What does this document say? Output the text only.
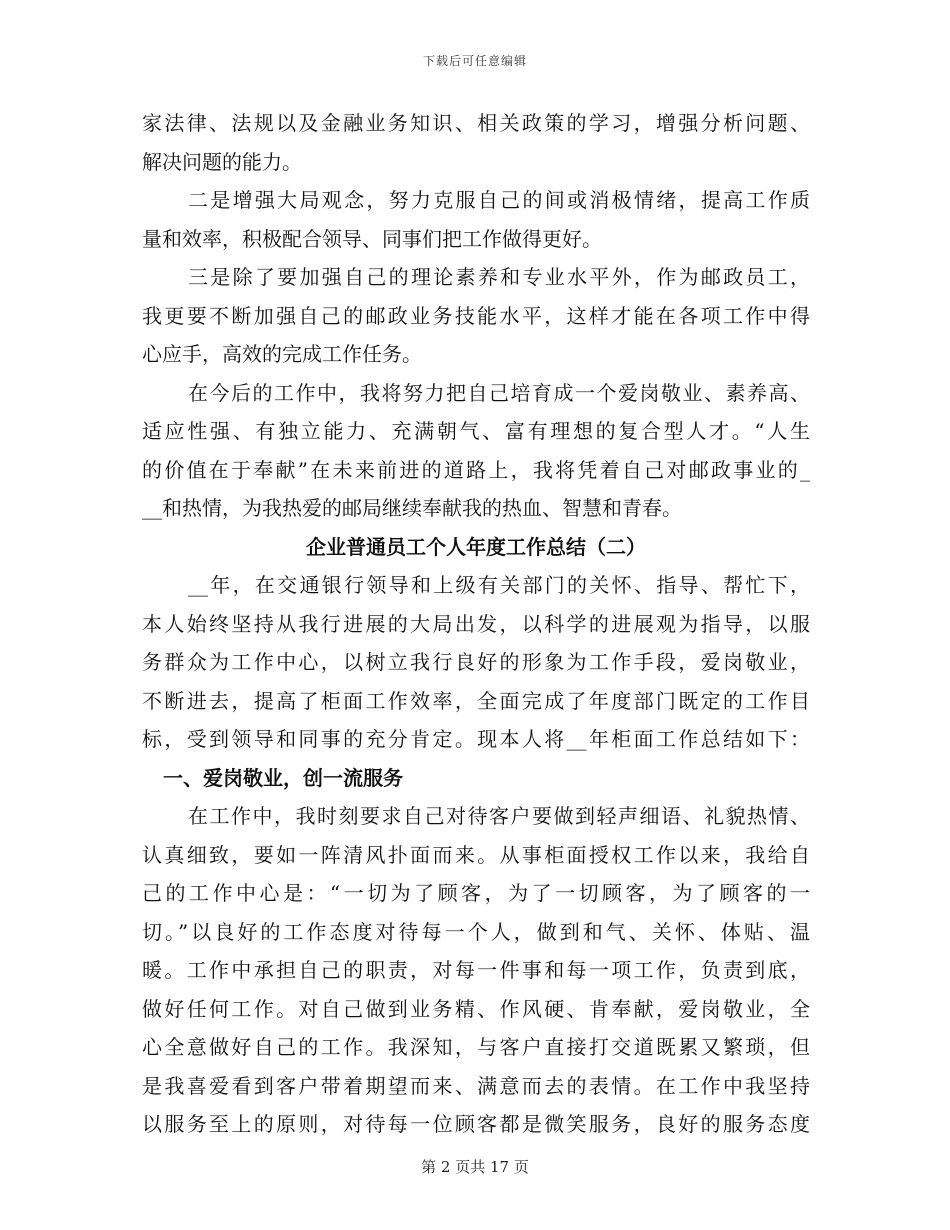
下载后可任意编辑
家法律、法规以及金融业务知识、相关政策的学习，增强分析问题、
解决问题的能力。
二是增强大局观念，努力克服自己的间或消极情绪，提高工作质
量和效率，积极配合领导、同事们把工作做得更好。
三是除了要加强自己的理论素养和专业水平外，作为邮政员工，
我更要不断加强自己的邮政业务技能水平，这样才能在各项工作中得
心应手，高效的完成工作任务。
在今后的工作中，我将努力把自己培育成一个爱岗敬业、素养高、
适应性强、有独立能力、充满朝气、富有理想的复合型人才。“人生
的价值在于奉献”在未来前进的道路上，我将凭着自己对邮政事业的_
__和热情，为我热爱的邮局继续奉献我的热血、智慧和青春。
企业普通员工个人年度工作总结（二）
__年，在交通银行领导和上级有关部门的关怀、指导、帮忙下，
本人始终坚持从我行进展的大局出发，以科学的进展观为指导，以服
务群众为工作中心，以树立我行良好的形象为工作手段，爱岗敬业，
不断进去，提高了柜面工作效率，全面完成了年度部门既定的工作目
标，受到领导和同事的充分肯定。现本人将__年柜面工作总结如下：
一、爱岗敬业，创一流服务
在工作中，我时刻要求自己对待客户要做到轻声细语、礼貌热情、
认真细致，要如一阵清风扑面而来。从事柜面授权工作以来，我给自
己的工作中心是：“一切为了顾客，为了一切顾客，为了顾客的一
切。”以良好的工作态度对待每一个人，做到和气、关怀、体贴、温
暖。工作中承担自己的职责，对每一件事和每一项工作，负责到底，
做好任何工作。对自己做到业务精、作风硬、肯奉献，爱岗敬业，全
心全意做好自己的工作。我深知，与客户直接打交道既累又繁琐，但
是我喜爱看到客户带着期望而来、满意而去的表情。在工作中我坚持
以服务至上的原则，对待每一位顾客都是微笑服务，良好的服务态度
第 2 页共 17 页
